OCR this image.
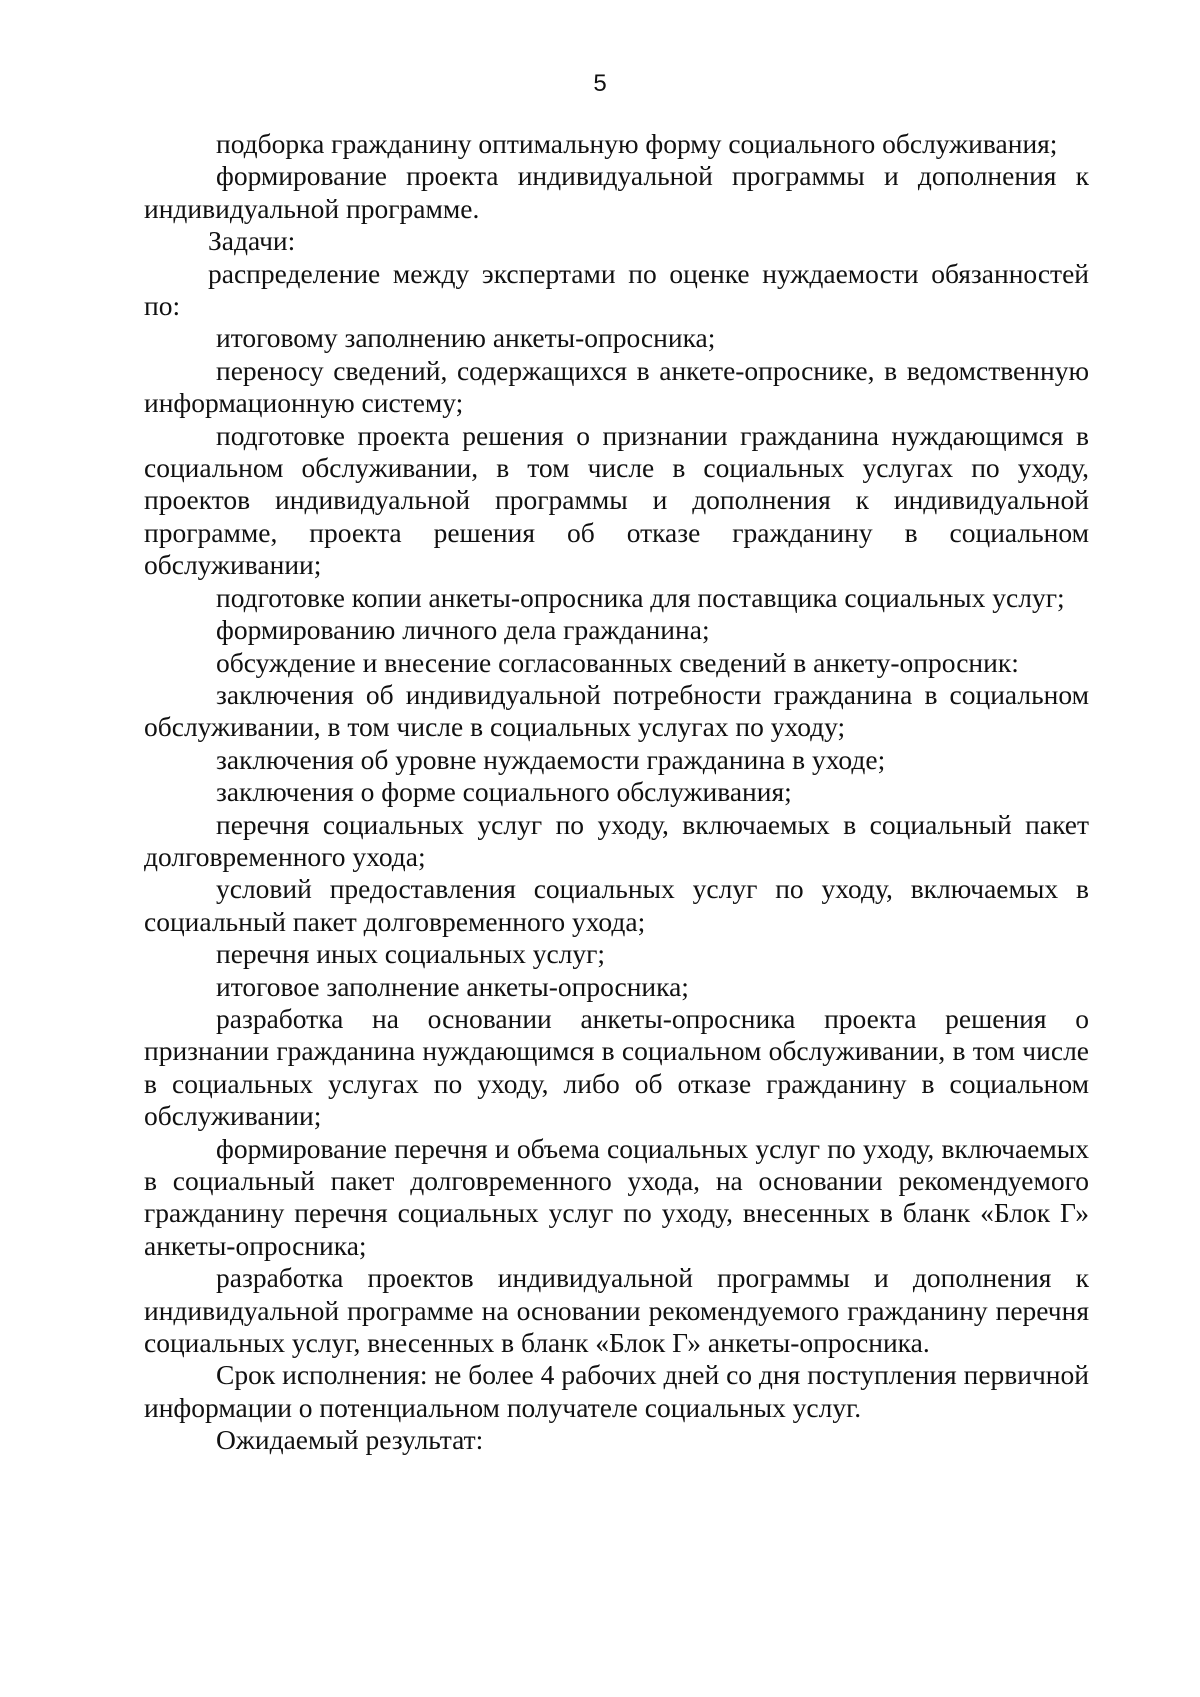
5

подборка гражданину оптимальную форму социального обслуживания;

формирование проекта индивидуальной программы и дополнения к индивидуальной программе.

Задачи:

распределение между экспертами по оценке нуждаемости обязанностей по:

итоговому заполнению анкеты-опросника;

переносу сведений, содержащихся в анкете-опроснике, в ведомственную информационную систему;

подготовке проекта решения о признании гражданина нуждающимся в социальном обслуживании, в том числе в социальных услугах по уходу, проектов индивидуальной программы и дополнения к индивидуальной программе, проекта решения об отказе гражданину в социальном обслуживании;

подготовке копии анкеты-опросника для поставщика социальных услуг;

формированию личного дела гражданина;

обсуждение и внесение согласованных сведений в анкету-опросник:

заключения об индивидуальной потребности гражданина в социальном обслуживании, в том числе в социальных услугах по уходу;

заключения об уровне нуждаемости гражданина в уходе;

заключения о форме социального обслуживания;

перечня социальных услуг по уходу, включаемых в социальный пакет долговременного ухода;

условий предоставления социальных услуг по уходу, включаемых в социальный пакет долговременного ухода;

перечня иных социальных услуг;

итоговое заполнение анкеты-опросника;

разработка на основании анкеты-опросника проекта решения о признании гражданина нуждающимся в социальном обслуживании, в том числе в социальных услугах по уходу, либо об отказе гражданину в социальном обслуживании;

формирование перечня и объема социальных услуг по уходу, включаемых в социальный пакет долговременного ухода, на основании рекомендуемого гражданину перечня социальных услуг по уходу, внесенных в бланк «Блок Г» анкеты-опросника;

разработка проектов индивидуальной программы и дополнения к индивидуальной программе на основании рекомендуемого гражданину перечня социальных услуг, внесенных в бланк «Блок Г» анкеты-опросника.

Срок исполнения: не более 4 рабочих дней со дня поступления первичной информации о потенциальном получателе социальных услуг.

Ожидаемый результат:
